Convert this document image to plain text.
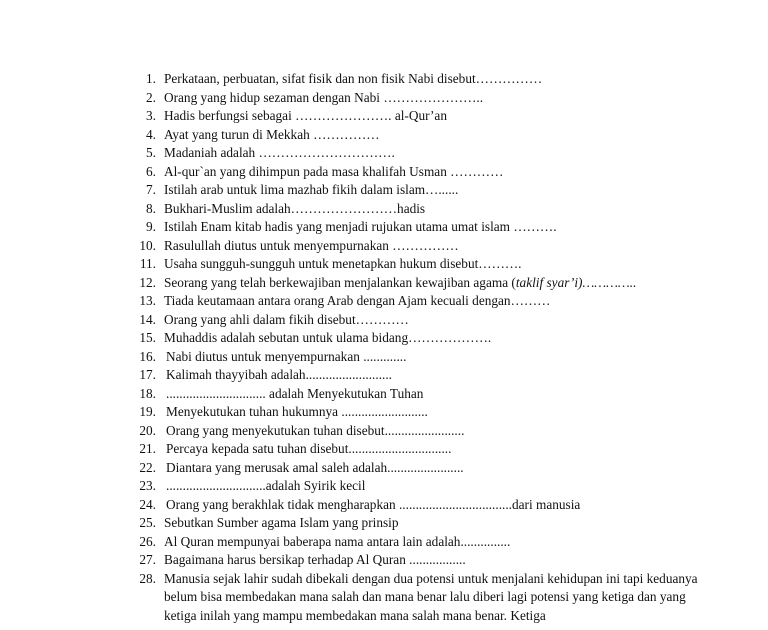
1. Perkataan, perbuatan, sifat fisik dan non fisik Nabi disebut……………
2. Orang yang hidup sezaman dengan Nabi …………………..
3. Hadis berfungsi sebagai …………………. al-Qur’an
4. Ayat yang turun di Mekkah ……………
5. Madaniah adalah ………………………….
6. Al-qur`an yang dihimpun pada masa khalifah Usman …………
7. Istilah arab untuk lima mazhab fikih dalam islam…......
8. Bukhari-Muslim adalah……………………hadis
9. Istilah Enam kitab hadis yang menjadi rujukan utama umat islam ……….
10. Rasulullah diutus untuk menyempurnakan ……………
11. Usaha sungguh-sungguh untuk menetapkan hukum disebut……….
12. Seorang yang telah berkewajiban menjalankan kewajiban agama (taklif syar’i)…………..
13. Tiada keutamaan antara orang Arab dengan Ajam kecuali dengan………
14. Orang yang ahli dalam fikih disebut…………
15. Muhaddis adalah sebutan untuk ulama bidang……………….
16. Nabi diutus untuk menyempurnakan .............
17. Kalimah thayyibah adalah..........................
18. .............................. adalah Menyekutukan Tuhan
19. Menyekutukan tuhan hukumnya ..........................
20. Orang yang menyekutukan tuhan disebut........................
21. Percaya kepada satu tuhan disebut...............................
22. Diantara yang merusak amal saleh adalah.......................
23. ..............................adalah Syirik kecil
24. Orang yang berakhlak tidak mengharapkan ..................................dari manusia
25. Sebutkan Sumber agama Islam yang prinsip
26. Al Quran mempunyai baberapa nama antara lain adalah...............
27. Bagaimana harus bersikap terhadap Al Quran .................
28. Manusia sejak lahir sudah dibekali dengan dua potensi untuk menjalani kehidupan ini tapi keduanya belum bisa membedakan mana salah dan mana benar lalu diberi lagi potensi yang ketiga dan yang ketiga inilah yang mampu membedakan mana salah mana benar. Ketiga
